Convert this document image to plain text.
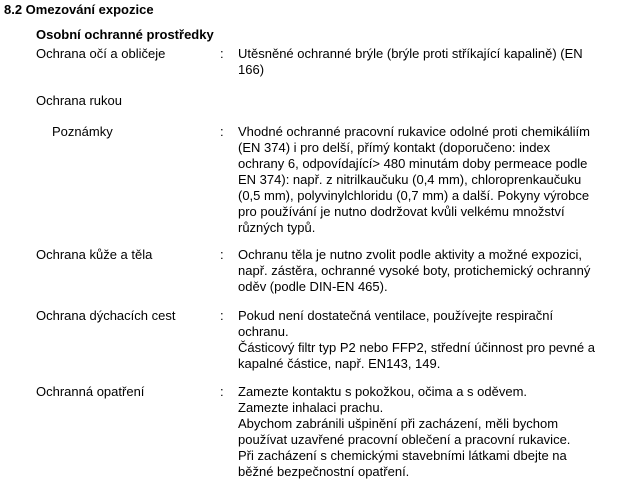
8.2 Omezování expozice
Osobní ochranné prostředky
Ochrana očí a obličeje	: Utěsněné ochranné brýle (brýle proti stříkající kapalině) (EN
166)
Ochrana rukou
Poznámky	: Vhodné ochranné pracovní rukavice odolné proti chemikáliím
(EN 374) i pro delší, přímý kontakt (doporučeno: index
ochrany 6, odpovídající> 480 minutám doby permeace podle
EN 374): např. z nitrilkaučuku (0,4 mm), chloroprenkaučuku
(0,5 mm), polyvinylchloridu (0,7 mm) a další. Pokyny výrobce
pro používání je nutno dodržovat kvůli velkému množství
různých typů.
Ochrana kůže a těla	: Ochranu těla je nutno zvolit podle aktivity a možné expozici,
např. zástěra, ochranné vysoké boty, protichemický ochranný
oděv (podle DIN-EN 465).
Ochrana dýchacích cest	: Pokud není dostatečná ventilace, používejte respirační
ochranu.
Částicový filtr typ P2 nebo FFP2, střední účinnost pro pevné a
kapalné částice, např. EN143, 149.
Ochranná opatření	: Zamezte kontaktu s pokožkou, očima a s oděvem.
Zamezte inhalaci prachu.
Abychom zabránili ušpinění při zacházení, měli bychom
používat uzavřené pracovní oblečení a pracovní rukavice.
Při zacházení s chemickými stavebními látkami dbejte na
běžné bezpečnostní opatření.
